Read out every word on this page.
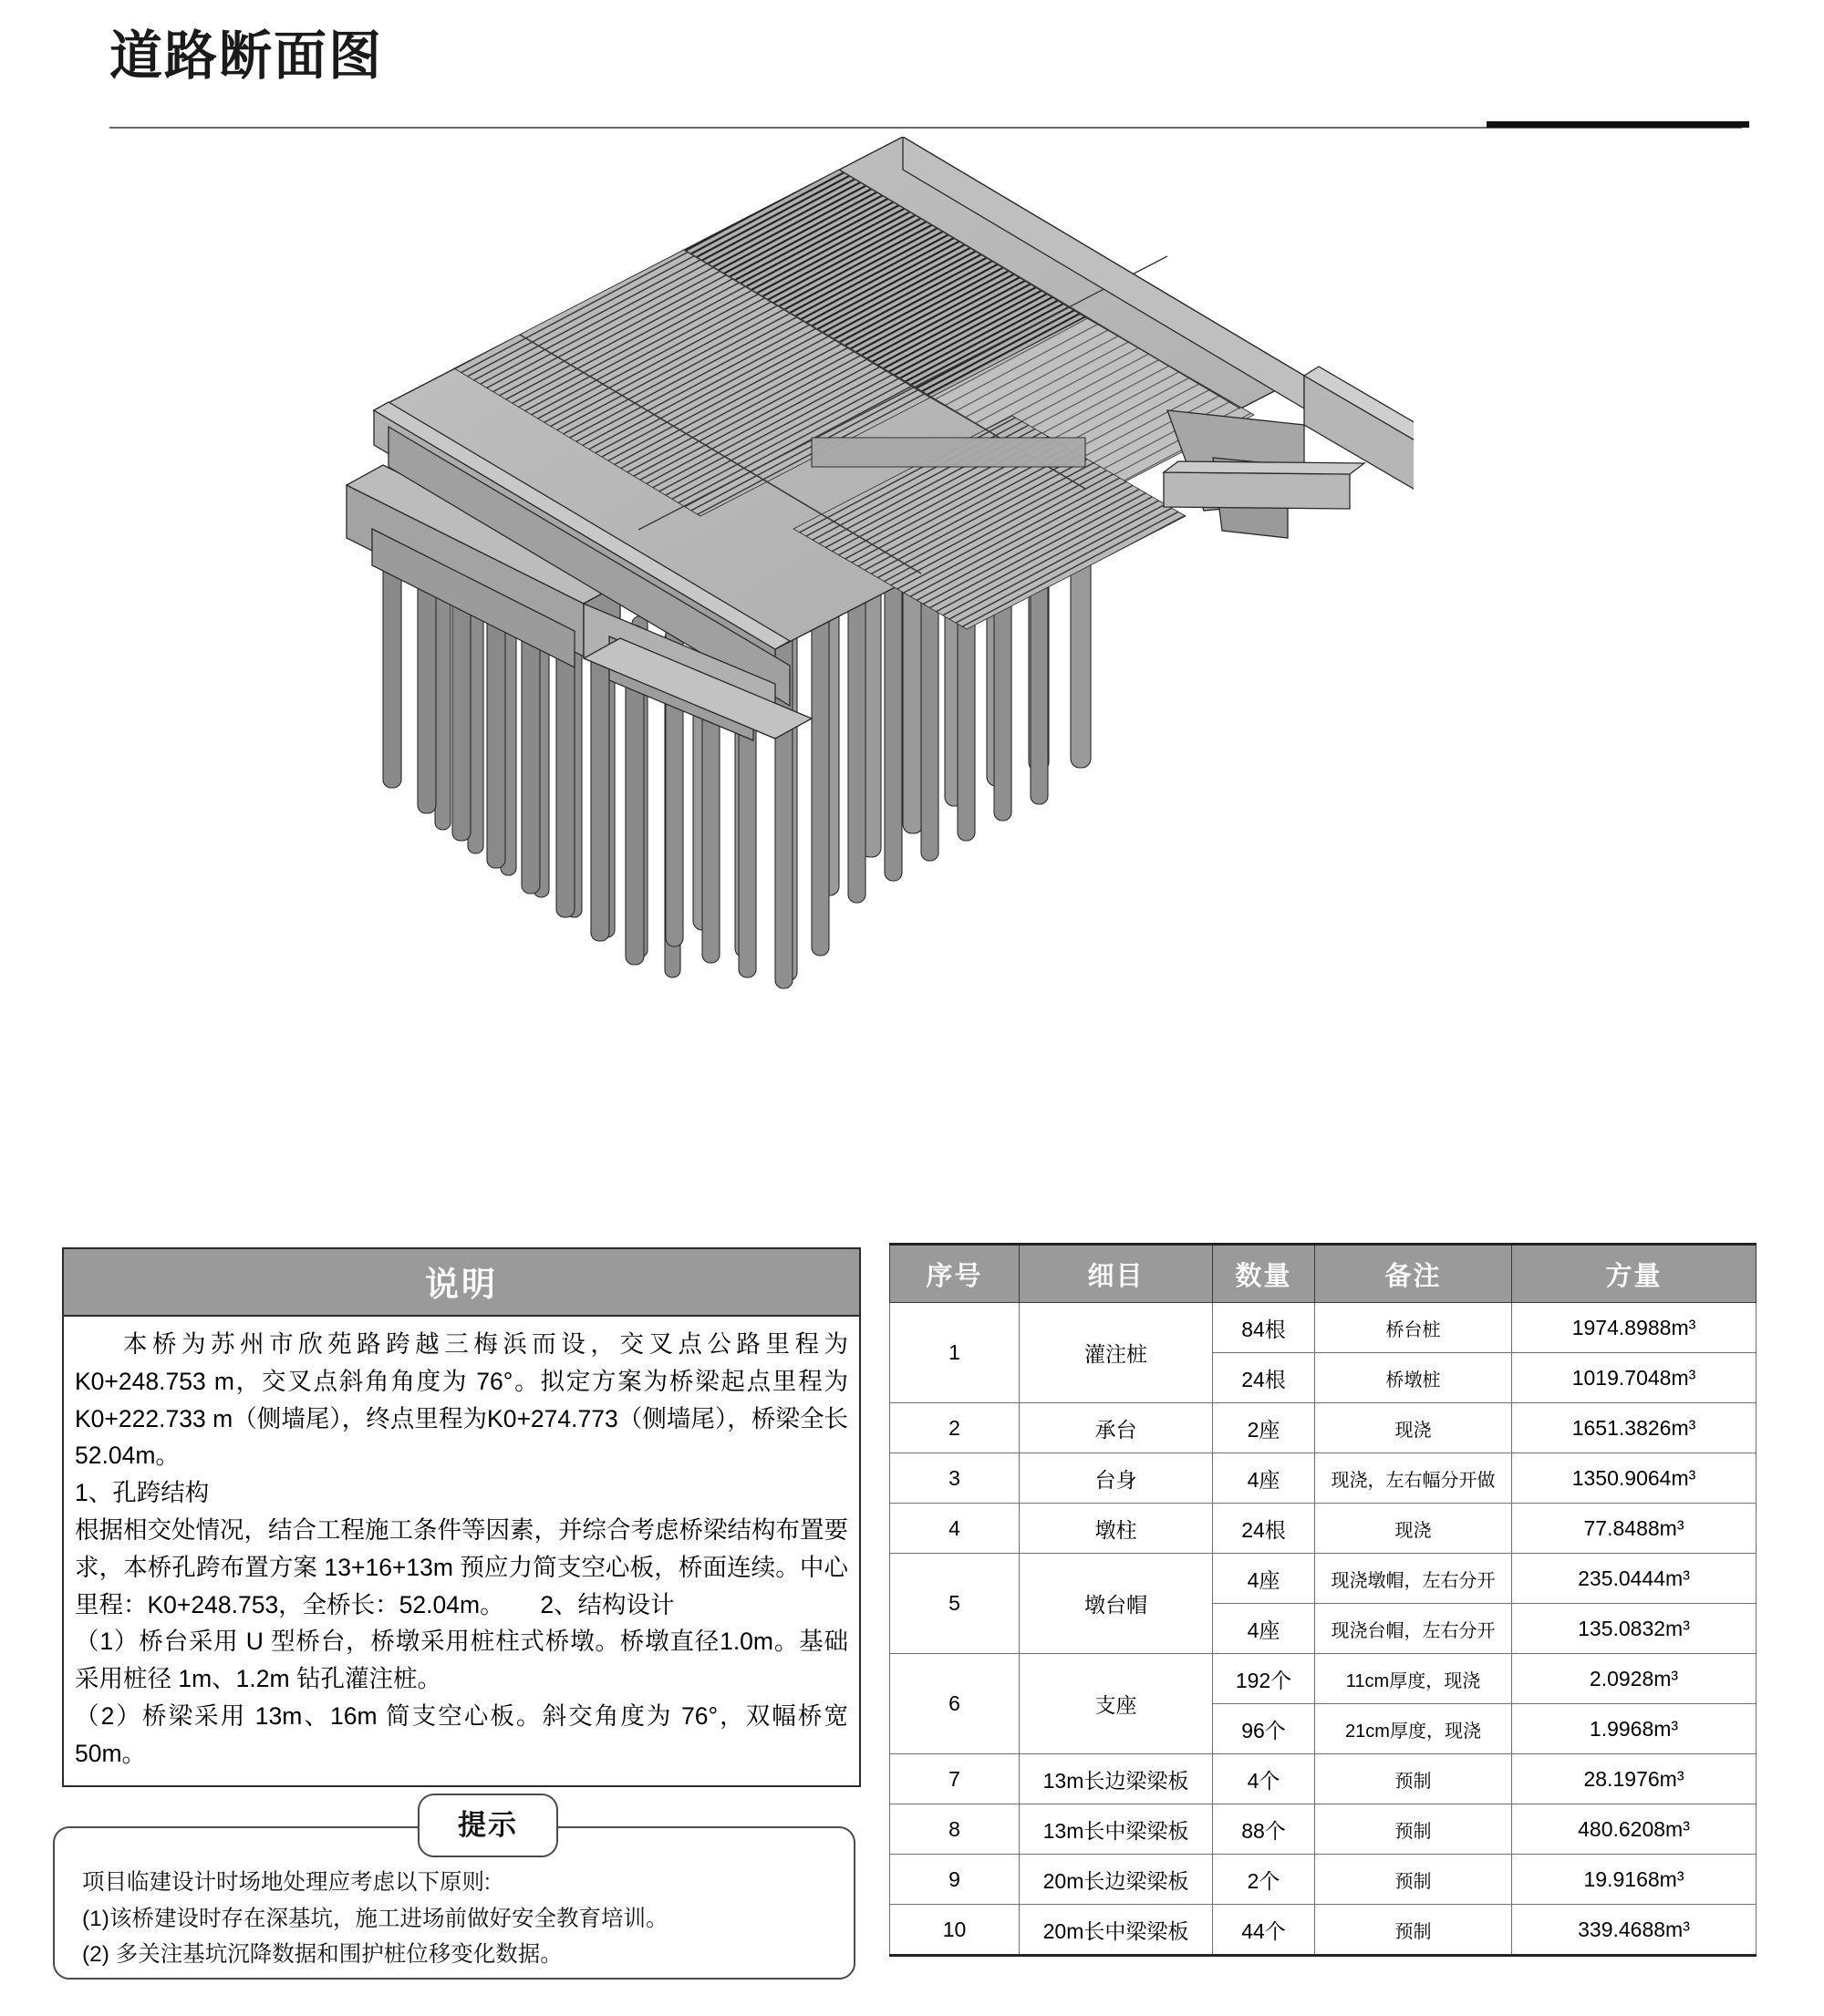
道路断面图
说明

本桥为苏州市欣苑路跨越三梅浜而设，交叉点公路里程为K0+248.753 m，交叉点斜角角度为 76°。拟定方案为桥梁起点里程为 K0+222.733 m（侧墙尾），终点里程为K0+274.773（侧墙尾），桥梁全长 52.04m。

1、孔跨结构

根据相交处情况，结合工程施工条件等因素，并综合考虑桥梁结构布置要求，本桥孔跨布置方案 13+16+13m 预应力简支空心板，桥面连续。中心里程：K0+248.753，全桥长：52.04m。　　2、结构设计

（1）桥台采用 U 型桥台，桥墩采用桩柱式桥墩。桥墩直径1.0m。基础采用桩径 1m、1.2m 钻孔灌注桩。

（2）桥梁采用 13m、16m 简支空心板。斜交角度为 76°，双幅桥宽50m。

提示

项目临建设计时场地处理应考虑以下原则:

(1)该桥建设时存在深基坑，施工进场前做好安全教育培训。

(2) 多关注基坑沉降数据和围护桩位移变化数据。

序号	细目	数量	备注	方量
1	灌注桩	84根	桥台桩	1974.8988m³
		24根	桥墩桩	1019.7048m³
2	承台	2座	现浇	1651.3826m³
3	台身	4座	现浇，左右幅分开做	1350.9064m³
4	墩柱	24根	现浇	77.8488m³
5	墩台帽	4座	现浇墩帽，左右分开	235.0444m³
		4座	现浇台帽，左右分开	135.0832m³
6	支座	192个	11cm厚度，现浇	2.0928m³
		96个	21cm厚度，现浇	1.9968m³
7	13m长边梁梁板	4个	预制	28.1976m³
8	13m长中梁梁板	88个	预制	480.6208m³
9	20m长边梁梁板	2个	预制	19.9168m³
10	20m长中梁梁板	44个	预制	339.4688m³
